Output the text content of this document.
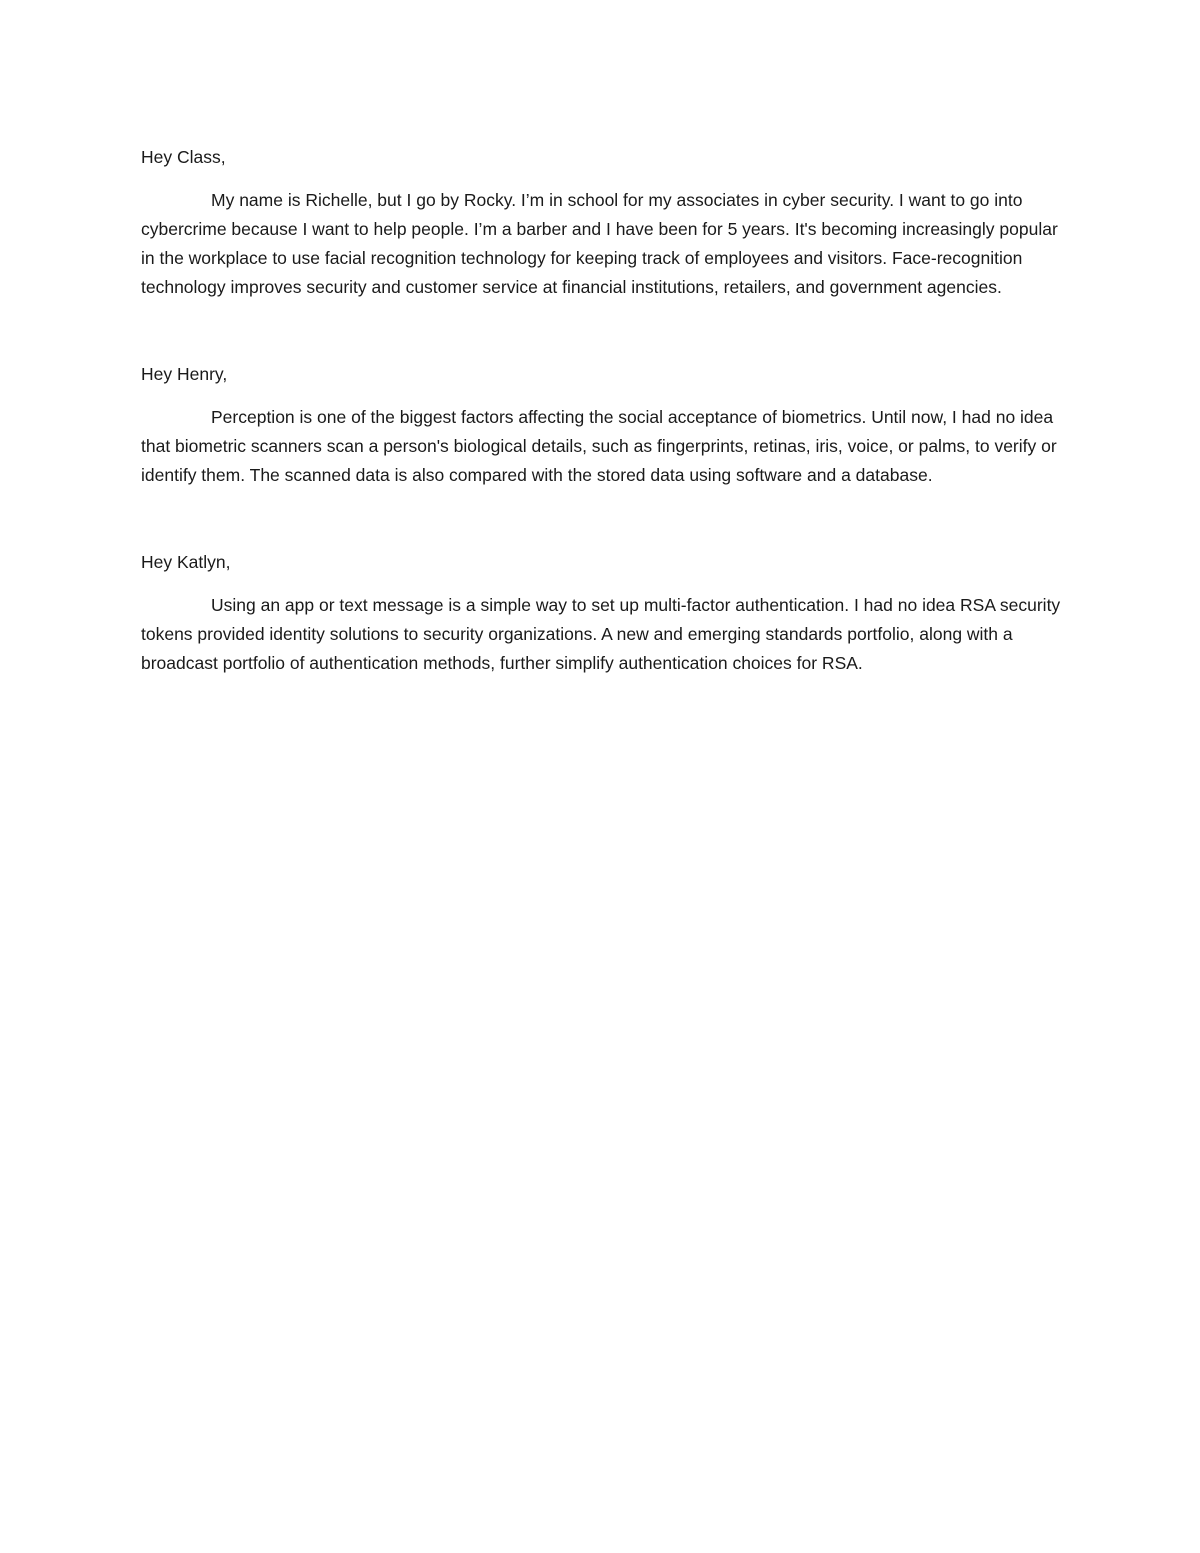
Hey Class,

My name is Richelle, but I go by Rocky. I’m in school for my associates in cyber security. I want to go into cybercrime because I want to help people. I’m a barber and I have been for 5 years. It's becoming increasingly popular in the workplace to use facial recognition technology for keeping track of employees and visitors. Face-recognition technology improves security and customer service at financial institutions, retailers, and government agencies.

Hey Henry,

Perception is one of the biggest factors affecting the social acceptance of biometrics. Until now, I had no idea that biometric scanners scan a person's biological details, such as fingerprints, retinas, iris, voice, or palms, to verify or identify them. The scanned data is also compared with the stored data using software and a database.

Hey Katlyn,

Using an app or text message is a simple way to set up multi-factor authentication. I had no idea RSA security tokens provided identity solutions to security organizations. A new and emerging standards portfolio, along with a broadcast portfolio of authentication methods, further simplify authentication choices for RSA.
